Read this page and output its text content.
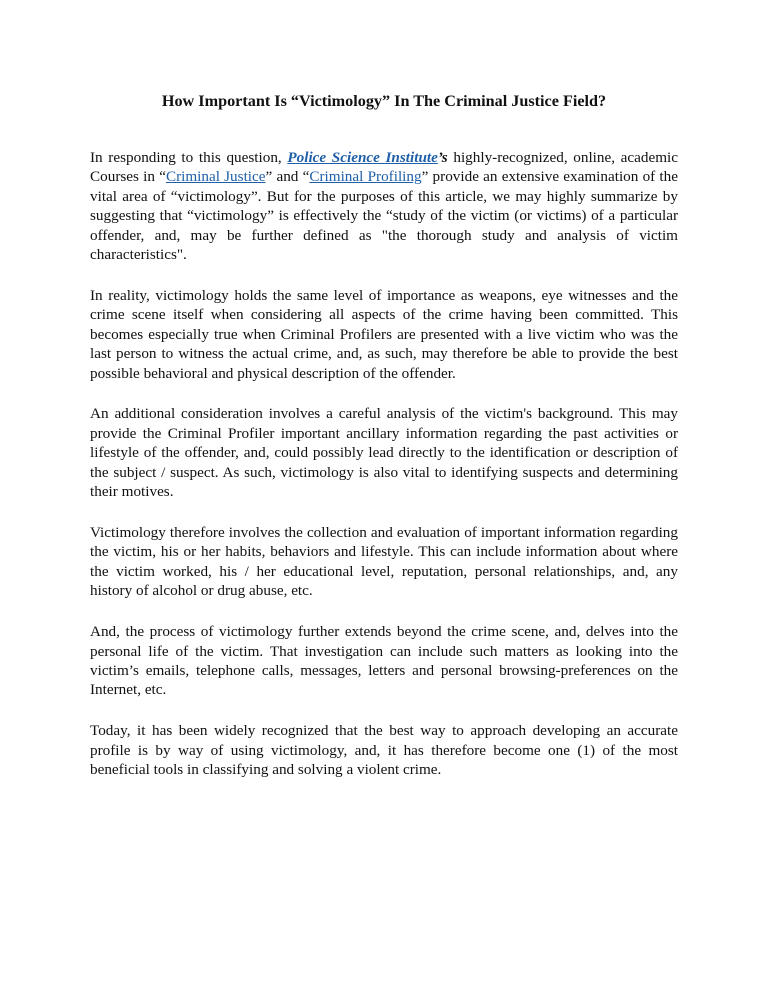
How Important Is “Victimology” In The Criminal Justice Field?

In responding to this question, Police Science Institute’s highly-recognized, online, academic Courses in “Criminal Justice” and “Criminal Profiling” provide an extensive examination of the vital area of “victimology”. But for the purposes of this article, we may highly summarize by suggesting that “victimology” is effectively the “study of the victim (or victims) of a particular offender, and, may be further defined as "the thorough study and analysis of victim characteristics".

In reality, victimology holds the same level of importance as weapons, eye witnesses and the crime scene itself when considering all aspects of the crime having been committed. This becomes especially true when Criminal Profilers are presented with a live victim who was the last person to witness the actual crime, and, as such, may therefore be able to provide the best possible behavioral and physical description of the offender.

An additional consideration involves a careful analysis of the victim's background. This may provide the Criminal Profiler important ancillary information regarding the past activities or lifestyle of the offender, and, could possibly lead directly to the identification or description of the subject / suspect. As such, victimology is also vital to identifying suspects and determining their motives.

Victimology therefore involves the collection and evaluation of important information regarding the victim, his or her habits, behaviors and lifestyle. This can include information about where the victim worked, his / her educational level, reputation, personal relationships, and, any history of alcohol or drug abuse, etc.

And, the process of victimology further extends beyond the crime scene, and, delves into the personal life of the victim. That investigation can include such matters as looking into the victim’s emails, telephone calls, messages, letters and personal browsing-preferences on the Internet, etc.

Today, it has been widely recognized that the best way to approach developing an accurate profile is by way of using victimology, and, it has therefore become one (1) of the most beneficial tools in classifying and solving a violent crime.
